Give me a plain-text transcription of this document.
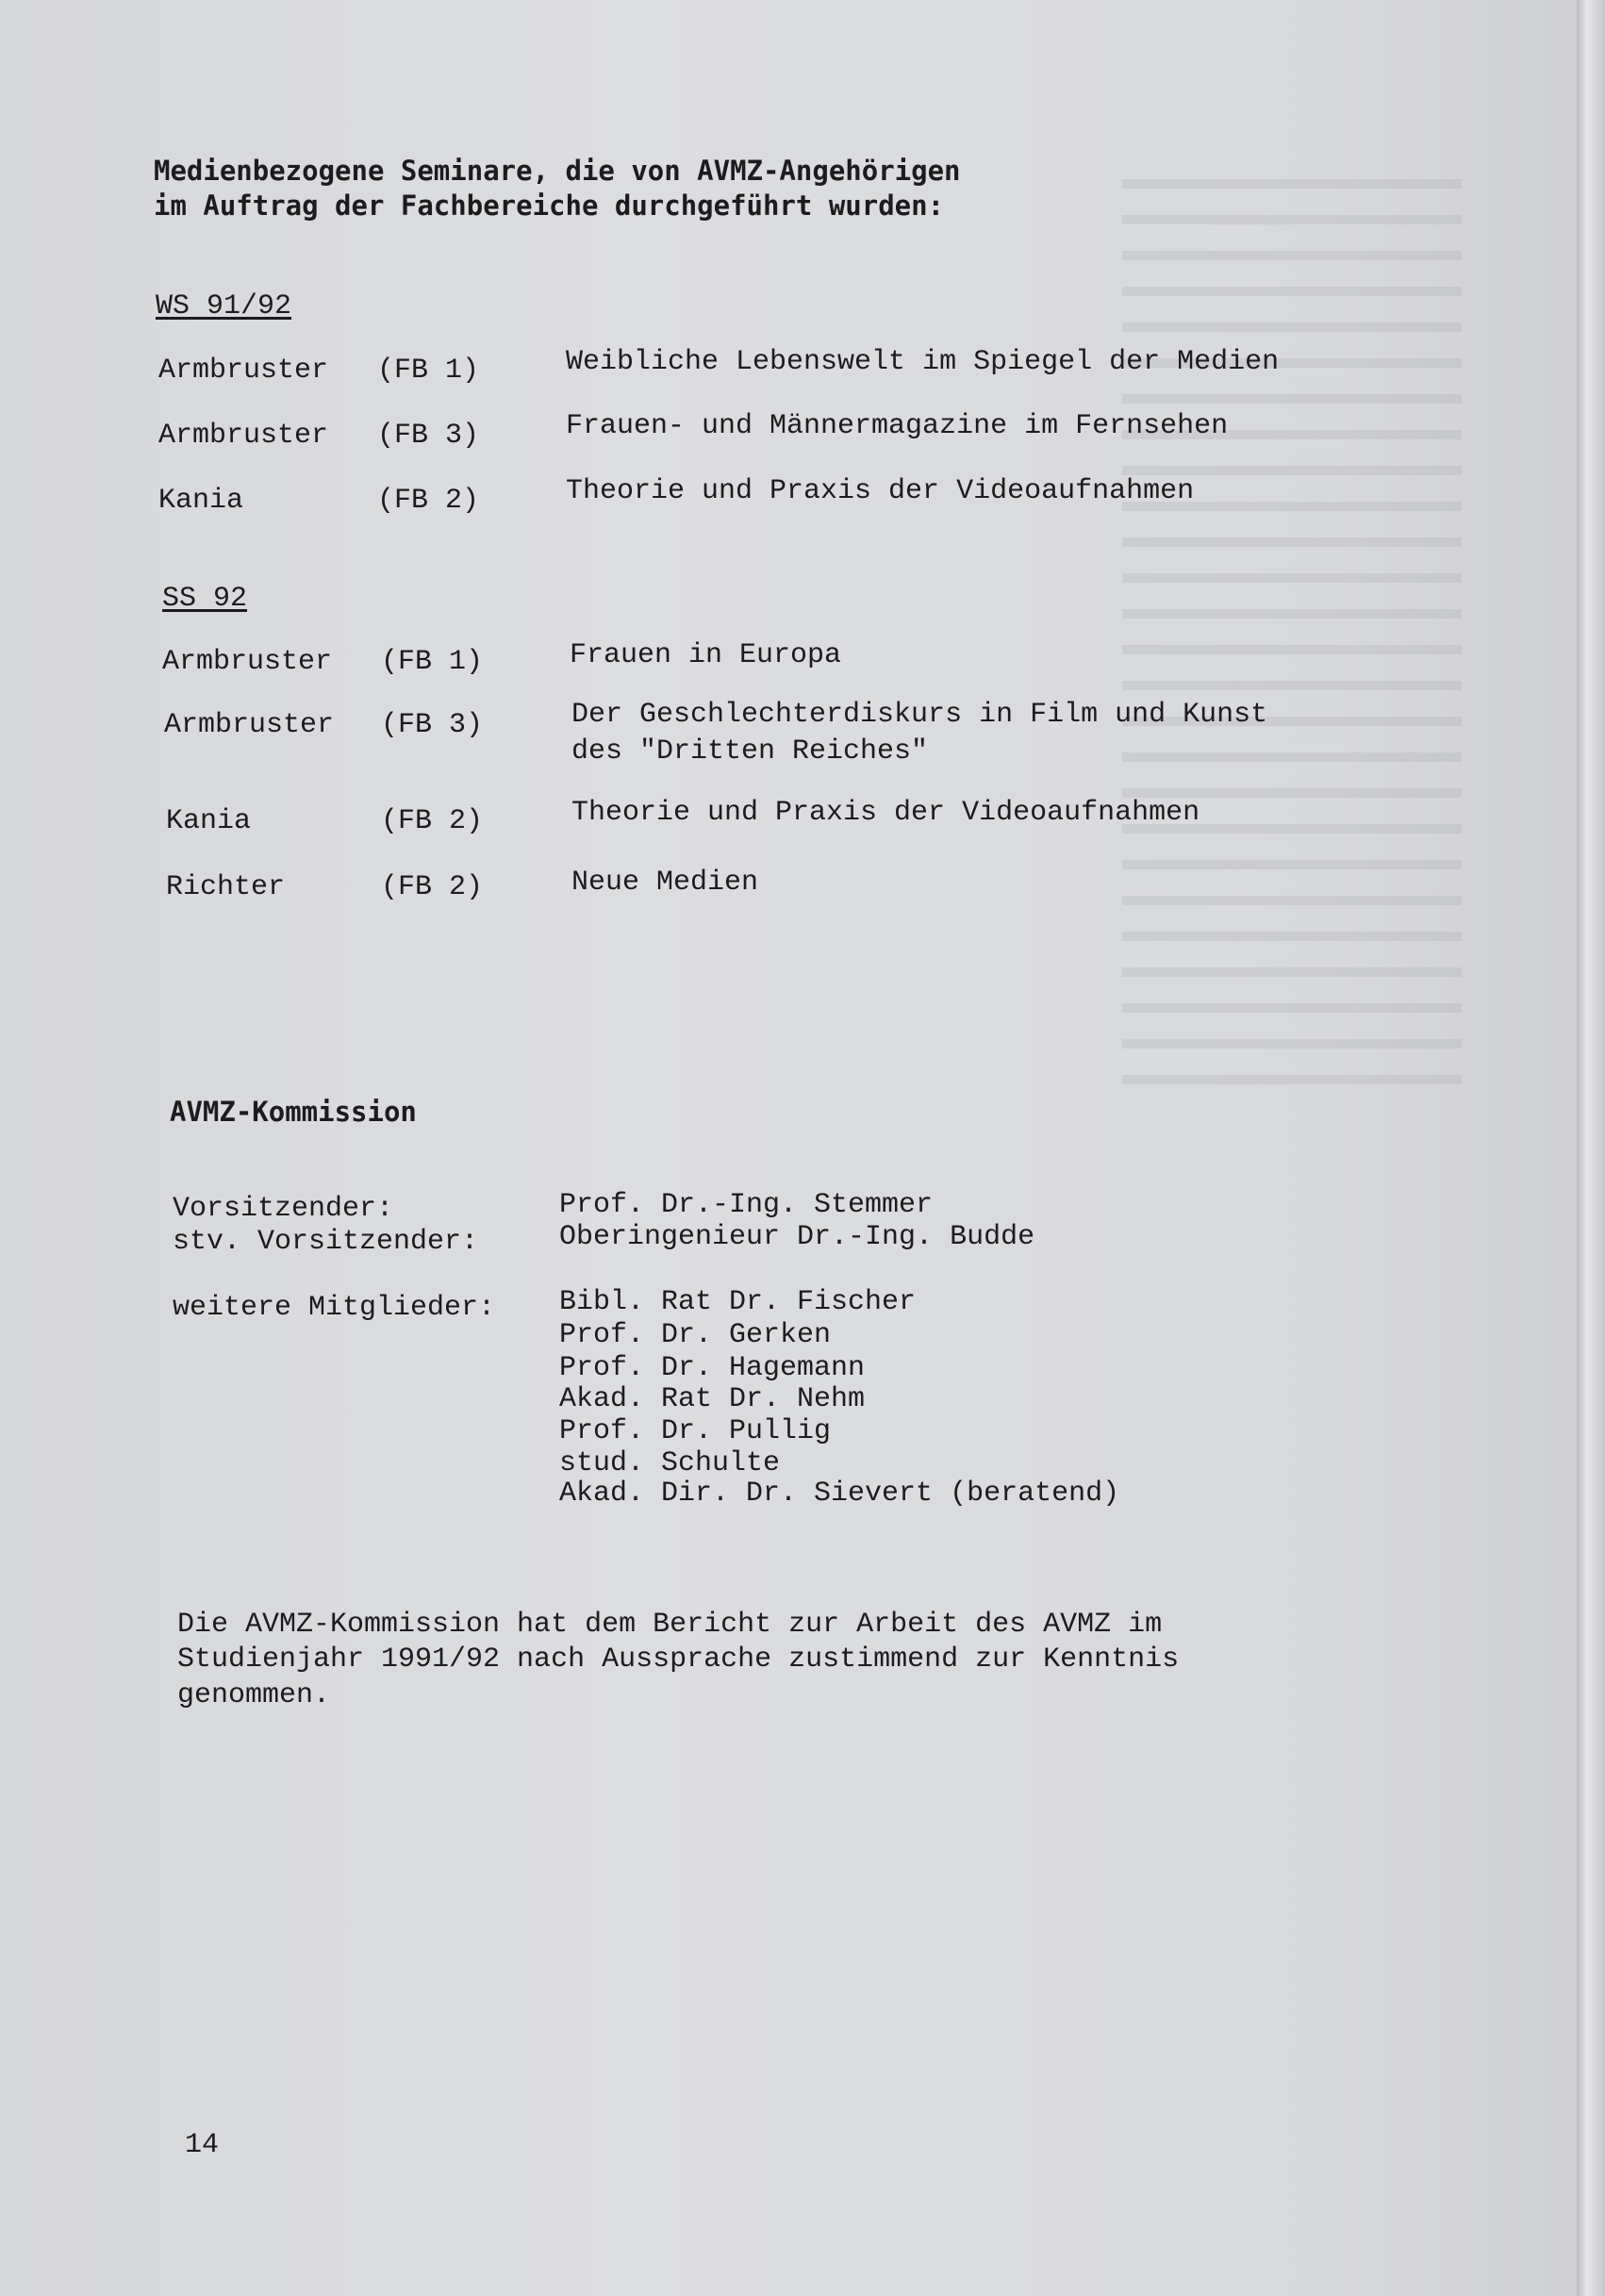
Medienbezogene Seminare, die von AVMZ-Angehörigen
im Auftrag der Fachbereiche durchgeführt wurden:
WS 91/92
Armbruster (FB 1)	Weibliche Lebenswelt im Spiegel der Medien
Armbruster (FB 3)	Frauen- und Männermagazine im Fernsehen
Kania	(FB 2)	Theorie und Praxis der Videoaufnahmen
SS 92
Armbruster (FB 1)	Frauen in Europa
Armbruster (FB 3)	Der Geschlechterdiskurs in Film und Kunst
des "Dritten Reiches"
Kania	(FB 2)	Theorie und Praxis der Videoaufnahmen
Richter	(FB 2)	Neue Medien
AVMZ-Kommission
Vorsitzender:	Prof. Dr.-Ing. Stemmer
stv. Vorsitzender:	Oberingenieur Dr.-Ing. Budde
weitere Mitglieder: Bibl. Rat Dr. Fischer
Prof. Dr. Gerken
Prof. Dr. Hagemann
Akad. Rat Dr. Nehm
Prof. Dr. Pullig
stud. Schulte
Akad. Dir. Dr. Sievert (beratend)
Die AVMZ-Kommission hat dem Bericht zur Arbeit des AVMZ im
Studienjahr 1991/92 nach Aussprache zustimmend zur Kenntnis
genommen.
14
